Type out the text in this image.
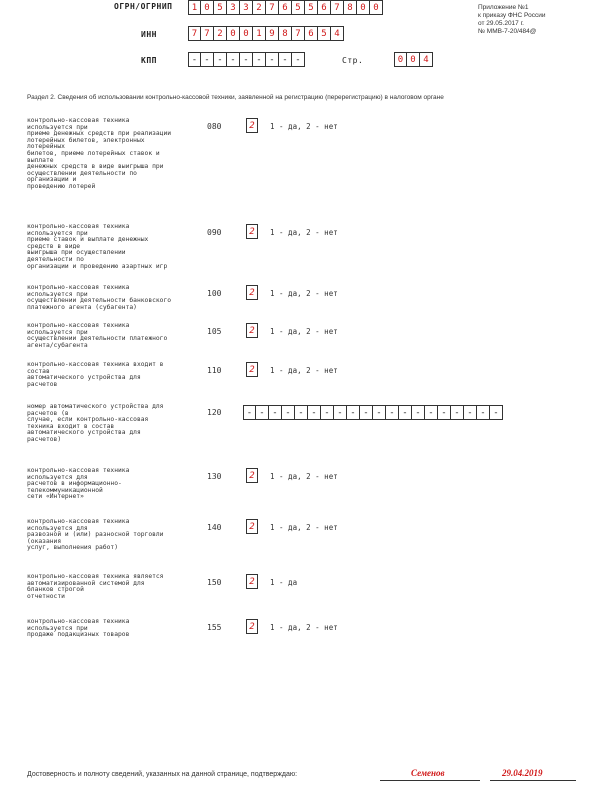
ОГРН/ОГРНИП	1 0 5 3 3 2 7 6 5 5 6 7 8 0 0
ИНН	7 7 2 0 0 1 9 8 7 6 5 4
КПП	- - - - - - - - -	Стр.	0 0 4
Приложение №1
к приказу ФНС России
от 29.05.2017 г.
№ ММВ-7-20/484@
Раздел 2. Сведения об использовании контрольно-кассовой техники, заявленной на регистрацию (перерегистрацию) в налоговом органе
контрольно-кассовая техника
используется при
приеме денежных средств при реализации
лотерейных билетов, электронных
лотерейных
билетов, приеме лотерейных ставок и
выплате
денежных средств в виде выигрыша при
осуществлении деятельности по
организации и
проведению лотерей
080	2	1 - да, 2 - нет
контрольно-кассовая техника
используется при
приеме ставок и выплате денежных
средств в виде
выигрыша при осуществлении
деятельности по
организации и проведению азартных игр
090	2	1 - да, 2 - нет
контрольно-кассовая техника
используется при
осуществлении деятельности банковского
платежного агента (субагента)
100	2	1 - да, 2 - нет
контрольно-кассовая техника
используется при
осуществлении деятельности платежного
агента/субагента
105	2	1 - да, 2 - нет
контрольно-кассовая техника входит в
состав
автоматического устройства для
расчетов
110	2	1 - да, 2 - нет
номер автоматического устройства для
расчетов (в
случае, если контрольно-кассовая
техника входит в состав
автоматического устройства для
расчетов)
120	- - - - - - - - - - - - - - - - - - - -
контрольно-кассовая техника
используется для
расчетов в информационно-
телекоммуникационной
сети «Интернет»
130	2	1 - да, 2 - нет
контрольно-кассовая техника
используется для
развозной и (или) разносной торговли
(оказания
услуг, выполнения работ)
140	2	1 - да, 2 - нет
контрольно-кассовая техника является
автоматизированной системой для
бланков строгой
отчетности
150	2	1 - да
контрольно-кассовая техника
используется при
продаже подакцизных товаров
155	2	1 - да, 2 - нет
Достоверность и полноту сведений, указанных на данной странице, подтверждаю:	Семенов	29.04.2019
